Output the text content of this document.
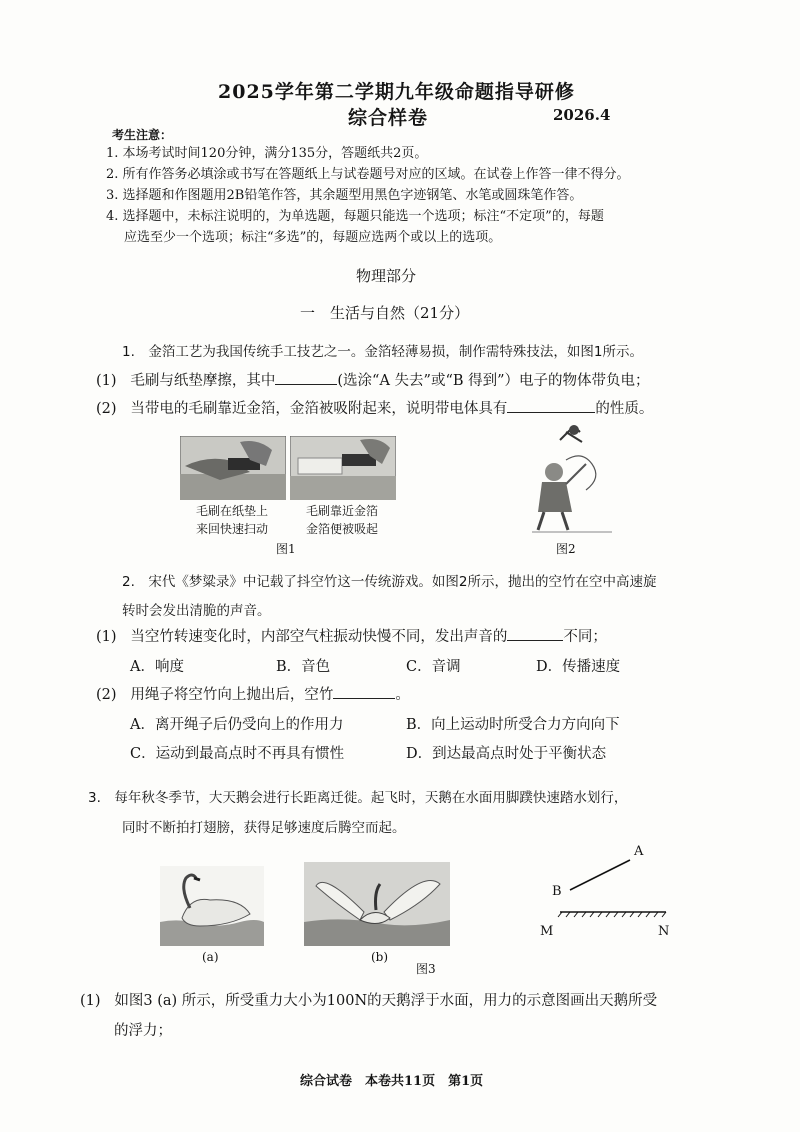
2025学年第二学期九年级命题指导研修
综合样卷	2026.4
考生注意：
1. 本场考试时间120分钟，满分135分，答题纸共2页。
2. 所有作答务必填涂或书写在答题纸上与试卷题号对应的区域。在试卷上作答一律不得分。
3. 选择题和作图题用2B铅笔作答，其余题型用黑色字迹钢笔、水笔或圆珠笔作答。
4. 选择题中，未标注说明的，为单选题，每题只能选一个选项；标注“不定项”的，每题
应选至少一个选项；标注“多选”的，每题应选两个或以上的选项。
物理部分
一　生活与自然（21分）
1.　金箔工艺为我国传统手工技艺之一。金箔轻薄易损，制作需特殊技法，如图1所示。
(1) 毛刷与纸垫摩擦，其中	(选涂“A 失去”或“B 得到”）电子的物体带负电；
(2) 当带电的毛刷靠近金箔，金箔被吸附起来，说明带电体具有	的性质。
毛刷在纸垫上
来回快速扫动
毛刷靠近金箔
金箔便被吸起
图1	图2
2.　宋代《梦粱录》中记载了抖空竹这一传统游戏。如图2所示，抛出的空竹在空中高速旋
转时会发出清脆的声音。
(1) 当空竹转速变化时，内部空气柱振动快慢不同，发出声音的	不同；
A．响度	B．音色	C．音调	D．传播速度
(2) 用绳子将空竹向上抛出后，空竹	。
A．离开绳子后仍受向上的作用力	B．向上运动时所受合力方向向下
C．运动到最高点时不再具有惯性	D．到达最高点时处于平衡状态
3.　每年秋冬季节，大天鹅会进行长距离迁徙。起飞时，天鹅在水面用脚蹼快速踏水划行，
同时不断拍打翅膀，获得足够速度后腾空而起。
(a)	(b)
图3
A
B
M	N
(1) 如图3 (a) 所示，所受重力大小为100N的天鹅浮于水面，用力的示意图画出天鹅所受
的浮力；
综合试卷　本卷共11页　第1页
